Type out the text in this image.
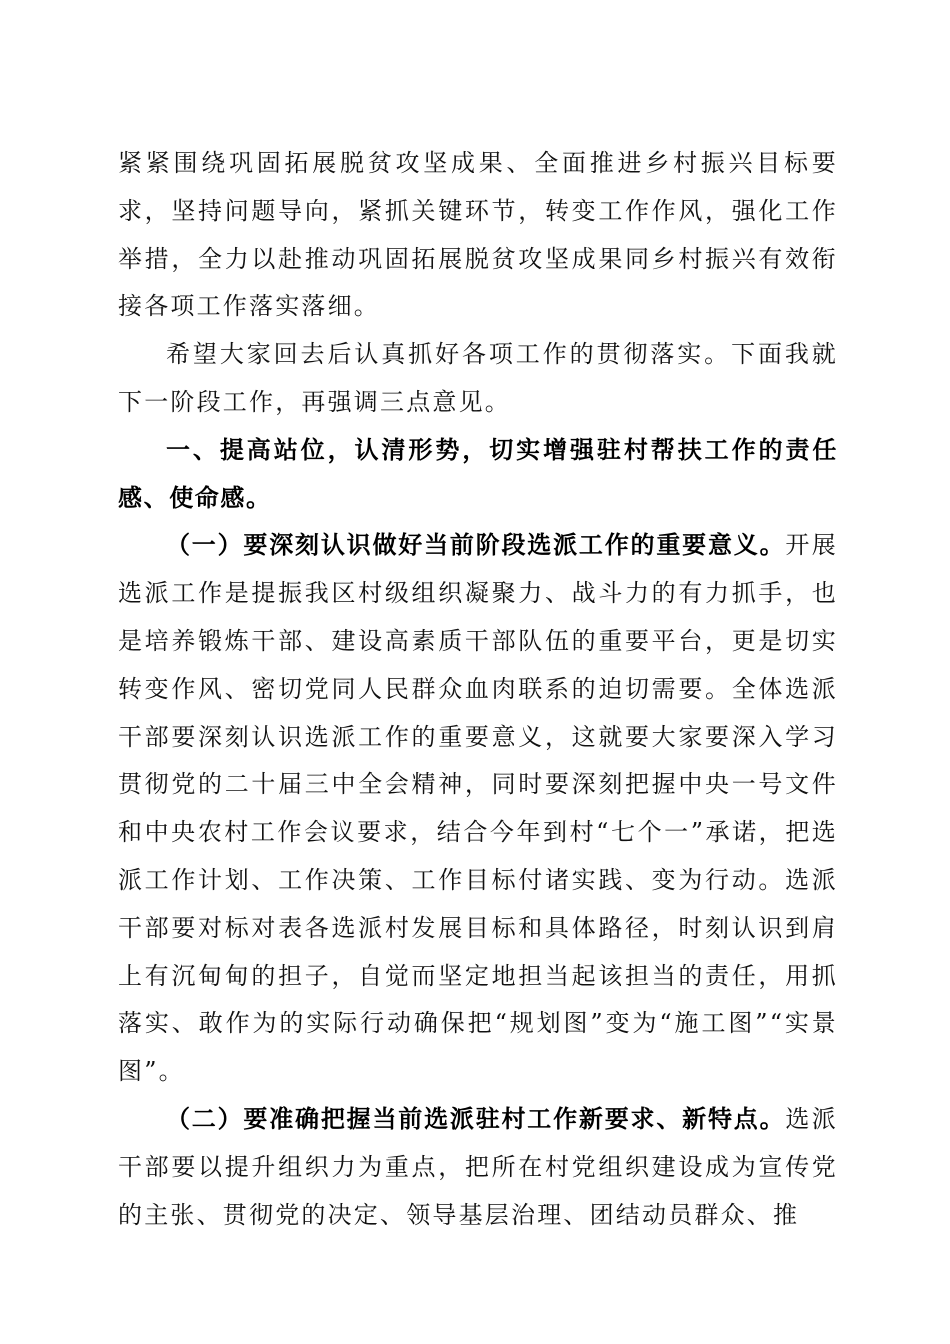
紧紧围绕巩固拓展脱贫攻坚成果、全面推进乡村振兴目标要求，坚持问题导向，紧抓关键环节，转变工作作风，强化工作举措，全力以赴推动巩固拓展脱贫攻坚成果同乡村振兴有效衔接各项工作落实落细。

希望大家回去后认真抓好各项工作的贯彻落实。下面我就下一阶段工作，再强调三点意见。

一、提高站位，认清形势，切实增强驻村帮扶工作的责任感、使命感。

（一）要深刻认识做好当前阶段选派工作的重要意义。开展选派工作是提振我区村级组织凝聚力、战斗力的有力抓手，也是培养锻炼干部、建设高素质干部队伍的重要平台，更是切实转变作风、密切党同人民群众血肉联系的迫切需要。全体选派干部要深刻认识选派工作的重要意义，这就要大家要深入学习贯彻党的二十届三中全会精神，同时要深刻把握中央一号文件和中央农村工作会议要求，结合今年到村“七个一”承诺，把选派工作计划、工作决策、工作目标付诸实践、变为行动。选派干部要对标对表各选派村发展目标和具体路径，时刻认识到肩上有沉甸甸的担子，自觉而坚定地担当起该担当的责任，用抓落实、敢作为的实际行动确保把“规划图”变为“施工图”“实景图”。

（二）要准确把握当前选派驻村工作新要求、新特点。选派干部要以提升组织力为重点，把所在村党组织建设成为宣传党的主张、贯彻党的决定、领导基层治理、团结动员群众、推
